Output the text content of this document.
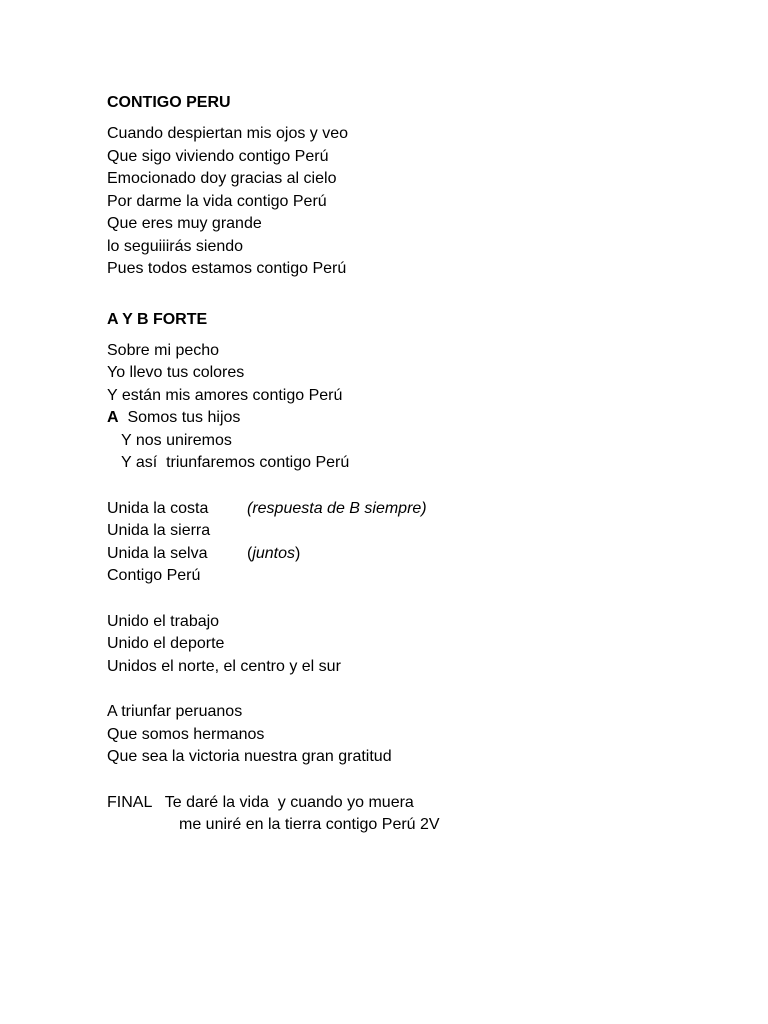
CONTIGO PERU

Cuando despiertan mis ojos y veo

Que sigo viviendo contigo Perú

Emocionado doy gracias al cielo

Por darme la vida contigo Perú

Que eres muy grande

lo seguiiirás siendo

Pues todos estamos contigo Perú

A Y B FORTE

Sobre mi pecho

Yo llevo tus colores

Y están mis amores contigo Perú

A Somos tus hijos

Y nos uniremos

Y así  triunfaremos contigo Perú

Unida la costa (respuesta de B siempre)

Unida la sierra

Unida la selva (juntos)

Contigo Perú

Unido el trabajo

Unido el deporte

Unidos el norte, el centro y el sur

A triunfar peruanos

Que somos hermanos

Que sea la victoria nuestra gran gratitud

FINAL Te daré la vida  y cuando yo muera

me uniré en la tierra contigo Perú 2V
